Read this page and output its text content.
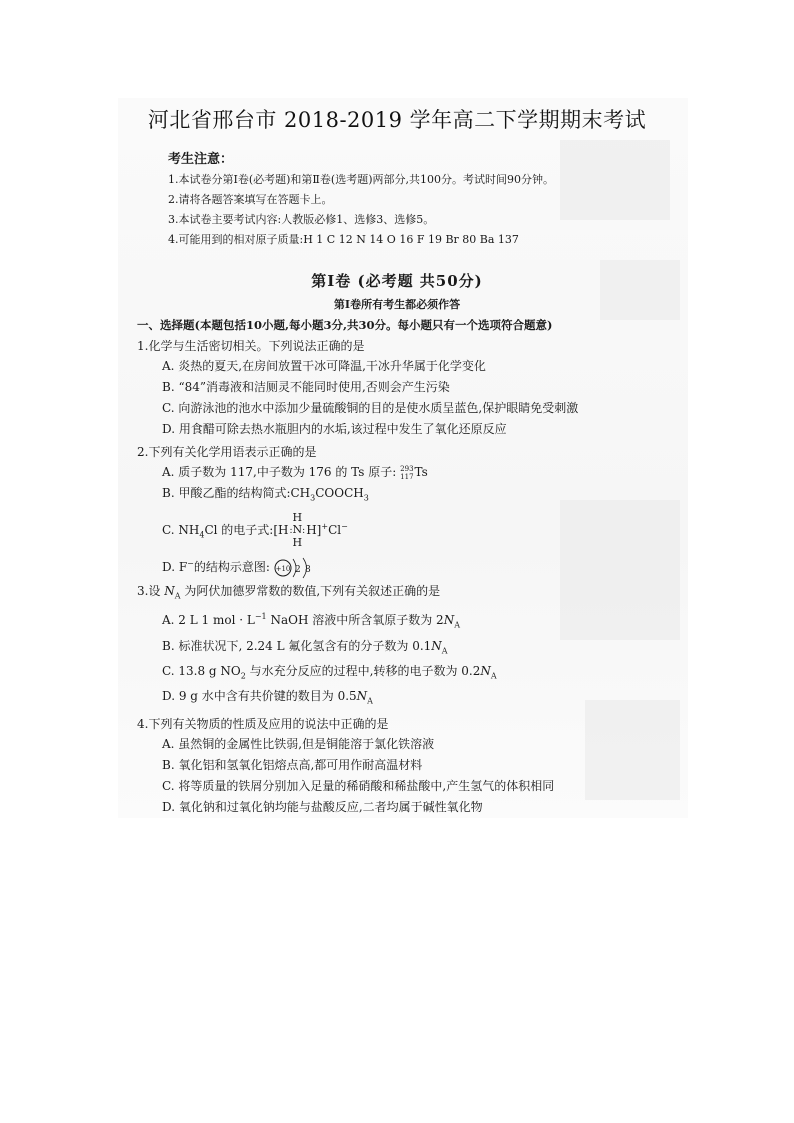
河北省邢台市 2018-2019 学年高二下学期期末考试
考生注意：
1.本试卷分第Ⅰ卷(必考题)和第Ⅱ卷(选考题)两部分,共100分。考试时间90分钟。
2.请将各题答案填写在答题卡上。
3.本试卷主要考试内容:人教版必修1、选修3、选修5。
4.可能用到的相对原子质量:H 1 C 12 N 14 O 16 F 19 Br 80 Ba 137
第Ⅰ卷 (必考题 共50分)
第Ⅰ卷所有考生都必须作答
一、选择题(本题包括10小题,每小题3分,共30分。每小题只有一个选项符合题意)
1.化学与生活密切相关。下列说法正确的是
A. 炎热的夏天,在房间放置干冰可降温,干冰升华属于化学变化
B. “84”消毒液和洁厕灵不能同时使用,否则会产生污染
C. 向游泳池的池水中添加少量硫酸铜的目的是使水质呈蓝色,保护眼睛免受刺激
D. 用食醋可除去热水瓶胆内的水垢,该过程中发生了氧化还原反应
2.下列有关化学用语表示正确的是
A. 质子数为 117,中子数为 176 的 Ts 原子: 293
117 Ts
B. 甲酸乙酯的结构简式$:CH_3COOCH_3$
C. $NH_4Cl$ 的电子式:[H
H
:N:
H
H]+Cl−
D. F−的结构示意图: +10 2 8
3.设 $N_A$ 为阿伏加德罗常数的数值,下列有关叙述正确的是
A. 2 L 1 mol · $L^{-1}$ NaOH 溶液中所含氧原子数为 $2N_A$
B. 标准状况下, 2.24 L 氟化氢含有的分子数为 $0.1N_A$
C. 13.8 g $NO_2$ 与水充分反应的过程中,转移的电子数为 $0.2N_A$
D. 9 g 水中含有共价键的数目为 $0.5N_A$
4.下列有关物质的性质及应用的说法中正确的是
A. 虽然铜的金属性比铁弱,但是铜能溶于氯化铁溶液
B. 氧化铝和氢氧化铝熔点高,都可用作耐高温材料
C. 将等质量的铁屑分别加入足量的稀硝酸和稀盐酸中,产生氢气的体积相同
D. 氧化钠和过氧化钠均能与盐酸反应,二者均属于碱性氧化物
